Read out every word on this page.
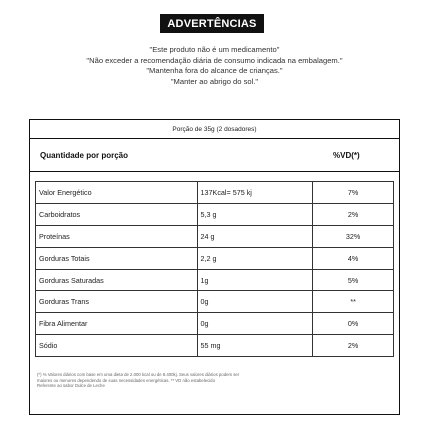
ADVERTÊNCIAS
"Este produto não é um medicamento"
"Não exceder a recomendação diária de consumo indicada na embalagem."
"Mantenha fora do alcance de crianças."
"Manter ao abrigo do sol."
Porção de 35g (2 dosadores)
Quantidade por porção	%VD(*)
Valor Energético	137Kcal= 575 kj	7%
Carboidratos	5,3 g	2%
Proteínas	24 g	32%
Gorduras Totais	2,2 g	4%
Gorduras Saturadas	1g	5%
Gorduras Trans	0g	**
Fibra Alimentar	0g	0%
Sódio	55 mg	2%
(*) % Valores diários com base em uma dieta de 2.000 kcal ou de 8.400kj. Seus valores diários podem ser
maiores ou menores dependendo de suas necessidades energéticas. ** VD não estabelecido
Referente ao sabor Dulce de Leche
